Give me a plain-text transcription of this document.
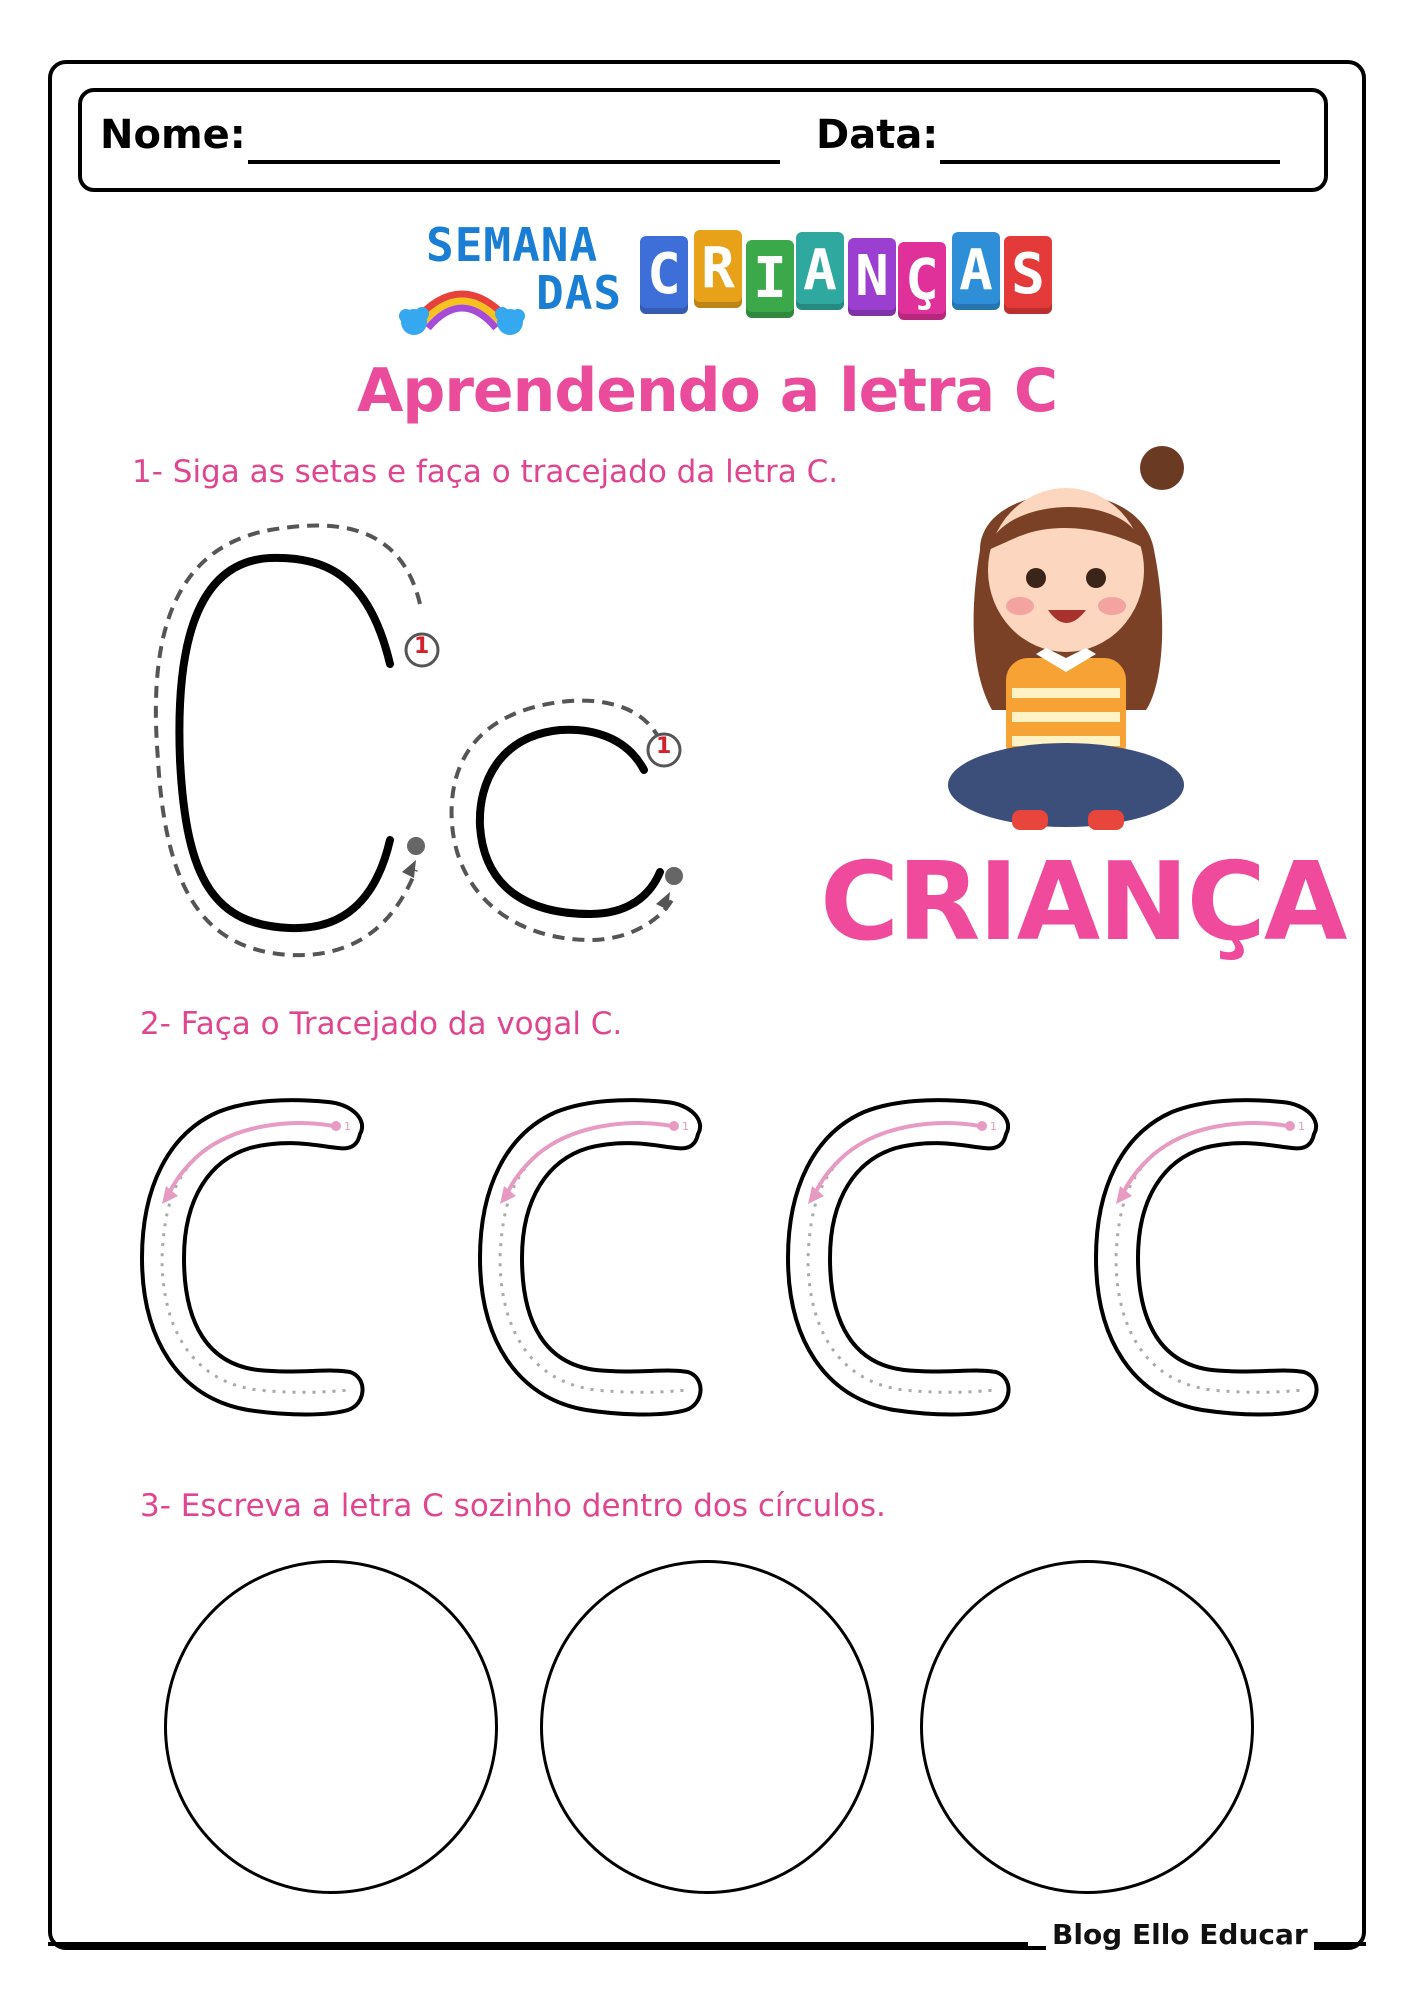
Nome:	Data:
SEMANA
DAS C R I A N Ç A S
Aprendendo a letra C
1- Siga as setas e faça o tracejado da letra C.
1
1
CRIANÇA
2- Faça o Tracejado da vogal C.
1	1	1	1
3- Escreva a letra C sozinho dentro dos círculos.
Blog Ello Educar
